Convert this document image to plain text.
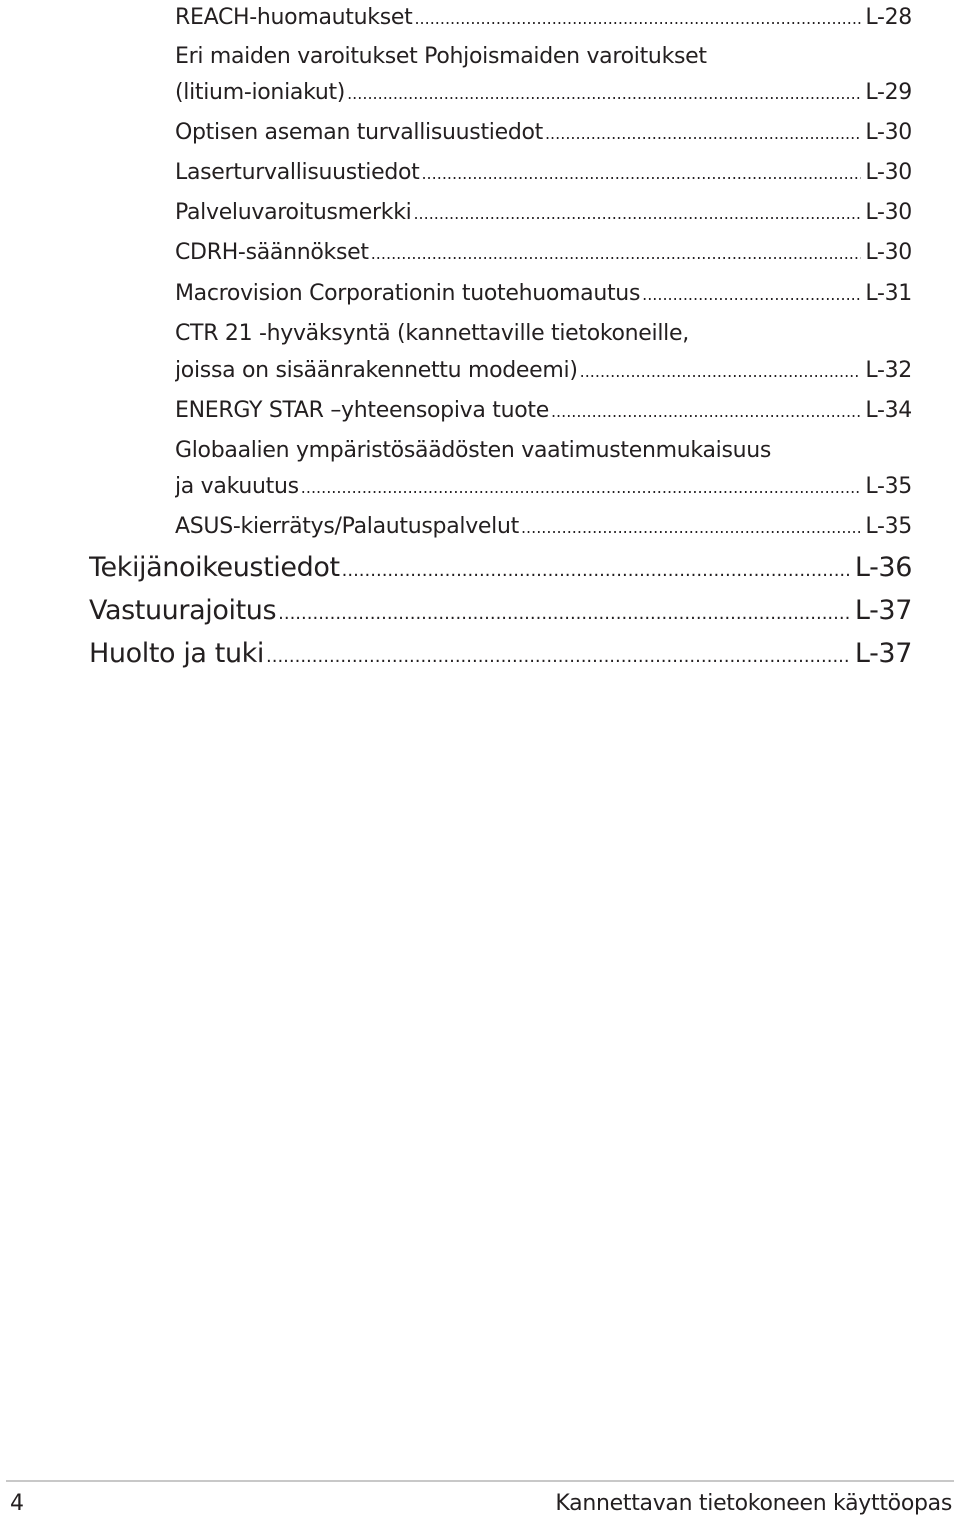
REACH-huomautukset .....	L-28
Eri maiden varoitukset Pohjoismaiden varoitukset
(litium-ioniakut) .....	L-29
Optisen aseman turvallisuustiedot .....	L-30
Laserturvallisuustiedot .....	L-30
Palveluvaroitusmerkki .....	L-30
CDRH-säännökset .....	L-30
Macrovision Corporationin tuotehuomautus .....	L-31
CTR 21 -hyväksyntä (kannettaville tietokoneille,
joissa on sisäänrakennettu modeemi) .....	L-32
ENERGY STAR –yhteensopiva tuote .....	L-34
Globaalien ympäristösäädösten vaatimustenmukaisuus
ja vakuutus .....	L-35
ASUS-kierrätys/Palautuspalvelut .....	L-35
Tekijänoikeustiedot .....	L-36
Vastuurajoitus .....	L-37
Huolto ja tuki .....	L-37
4	Kannettavan tietokoneen käyttöopas
